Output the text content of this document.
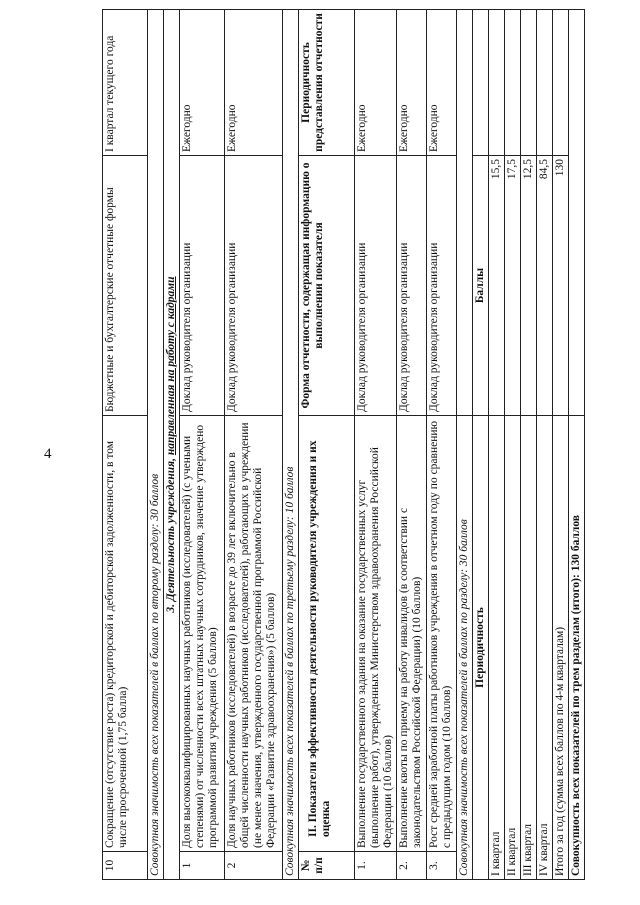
4
10	Сокращение (отсутствие роста) кредиторской и дебиторской задолженности, в том числе просроченной (1,75 балла)	Бюджетные и бухгалтерские отчетные формы	I квартал текущего года
Совокупная значимость всех показателей в баллах по второму разделу: 30 баллов			
3. Деятельность учреждения, направленная на работу с кадрами			
1	Доля высококвалифицированных научных работников (исследователей) (с учеными степенями) от численности всех штатных научных сотрудников, значение утверждено программой развития учреждения (5 баллов)	Доклад руководителя организации	Ежегодно
2	Доля научных работников (исследователей) в возрасте до 39 лет включительно в общей численности научных работников (исследователей), работающих в учреждении (не менее значения, утвержденного государственной программой Российской Федерации «Развитие здравоохранения») (5 баллов)	Доклад руководителя организации	Ежегодно
Совокупная значимость всех показателей в баллах по третьему разделу: 10 баллов			
№ п/п	II. Показатели эффективности деятельности руководителя учреждения и их оценка	Форма отчетности, содержащая информацию о выполнении показателя	Периодичность представления отчетности
1.	Выполнение государственного задания на оказание государственных услуг (выполнение работ), утвержденных Министерством здравоохранения Российской Федерации (10 баллов)	Доклад руководителя организации	Ежегодно
2.	Выполнение квоты по приему на работу инвалидов (в соответствии с законодательством Российской Федерации) (10 баллов)	Доклад руководителя организации	Ежегодно
3.	Рост средней заработной платы работников учреждения в отчетном году по сравнению с предыдущим годом (10 баллов)	Доклад руководителя организации	Ежегодно
Совокупная значимость всех показателей в баллах по разделу: 30 баллов			
Периодичность		Баллы	
I квартал		15,5	
II квартал		17,5	
III квартал		12,5	
IV квартал		84,5	
Итого за год (сумма всех баллов по 4-м кварталам)		130	
Совокупность всех показателей по трем разделам (итого): 130 баллов			
